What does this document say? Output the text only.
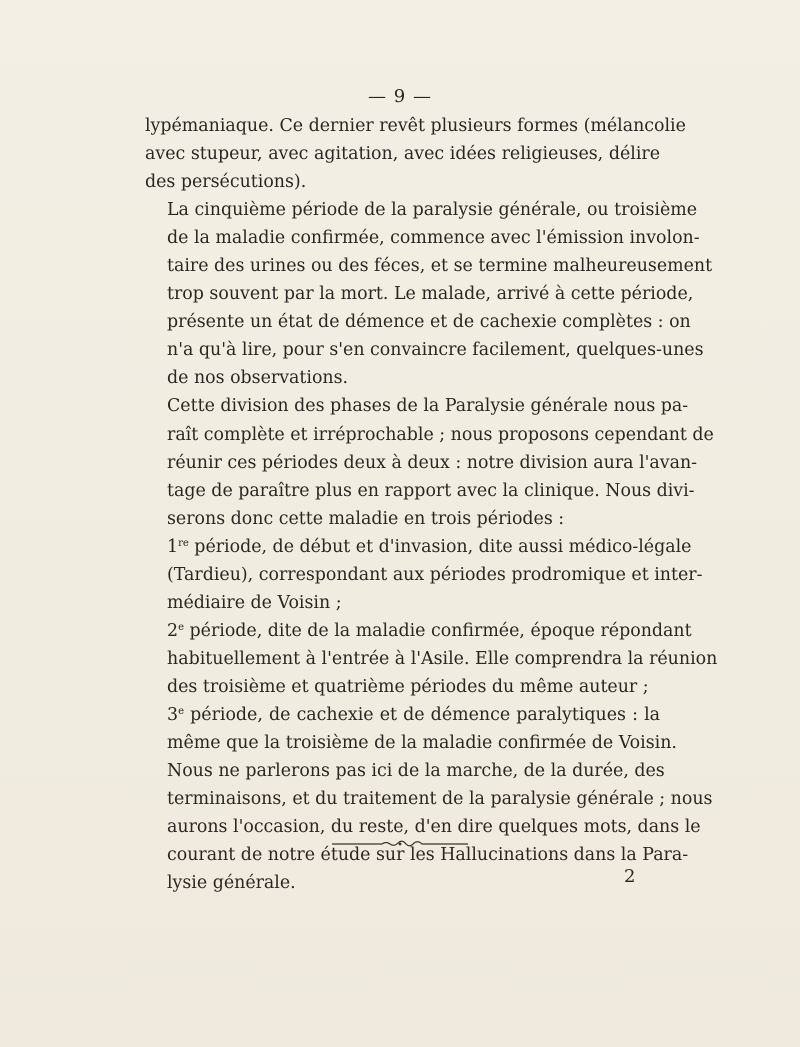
— 9 —

lypémaniaque. Ce dernier revêt plusieurs formes (mélancolie
avec stupeur, avec agitation, avec idées religieuses, délire
des persécutions).

La cinquième période de la paralysie générale, ou troisième
de la maladie confirmée, commence avec l'émission involon-
taire des urines ou des féces, et se termine malheureusement
trop souvent par la mort. Le malade, arrivé à cette période,
présente un état de démence et de cachexie complètes : on
n'a qu'à lire, pour s'en convaincre facilement, quelques-unes
de nos observations.

Cette division des phases de la Paralysie générale nous pa-
raît complète et irréprochable ; nous proposons cependant de
réunir ces périodes deux à deux : notre division aura l'avan-
tage de paraître plus en rapport avec la clinique. Nous divi-
serons donc cette maladie en trois périodes :

1re période, de début et d'invasion, dite aussi médico-légale
(Tardieu), correspondant aux périodes prodromique et inter-
médiaire de Voisin ;

2e période, dite de la maladie confirmée, époque répondant
habituellement à l'entrée à l'Asile. Elle comprendra la réunion
des troisième et quatrième périodes du même auteur ;

3e période, de cachexie et de démence paralytiques : la
même que la troisième de la maladie confirmée de Voisin.

Nous ne parlerons pas ici de la marche, de la durée, des
terminaisons, et du traitement de la paralysie générale ; nous
aurons l'occasion, du reste, d'en dire quelques mots, dans le
courant de notre étude sur les Hallucinations dans la Para-
lysie générale.	2
